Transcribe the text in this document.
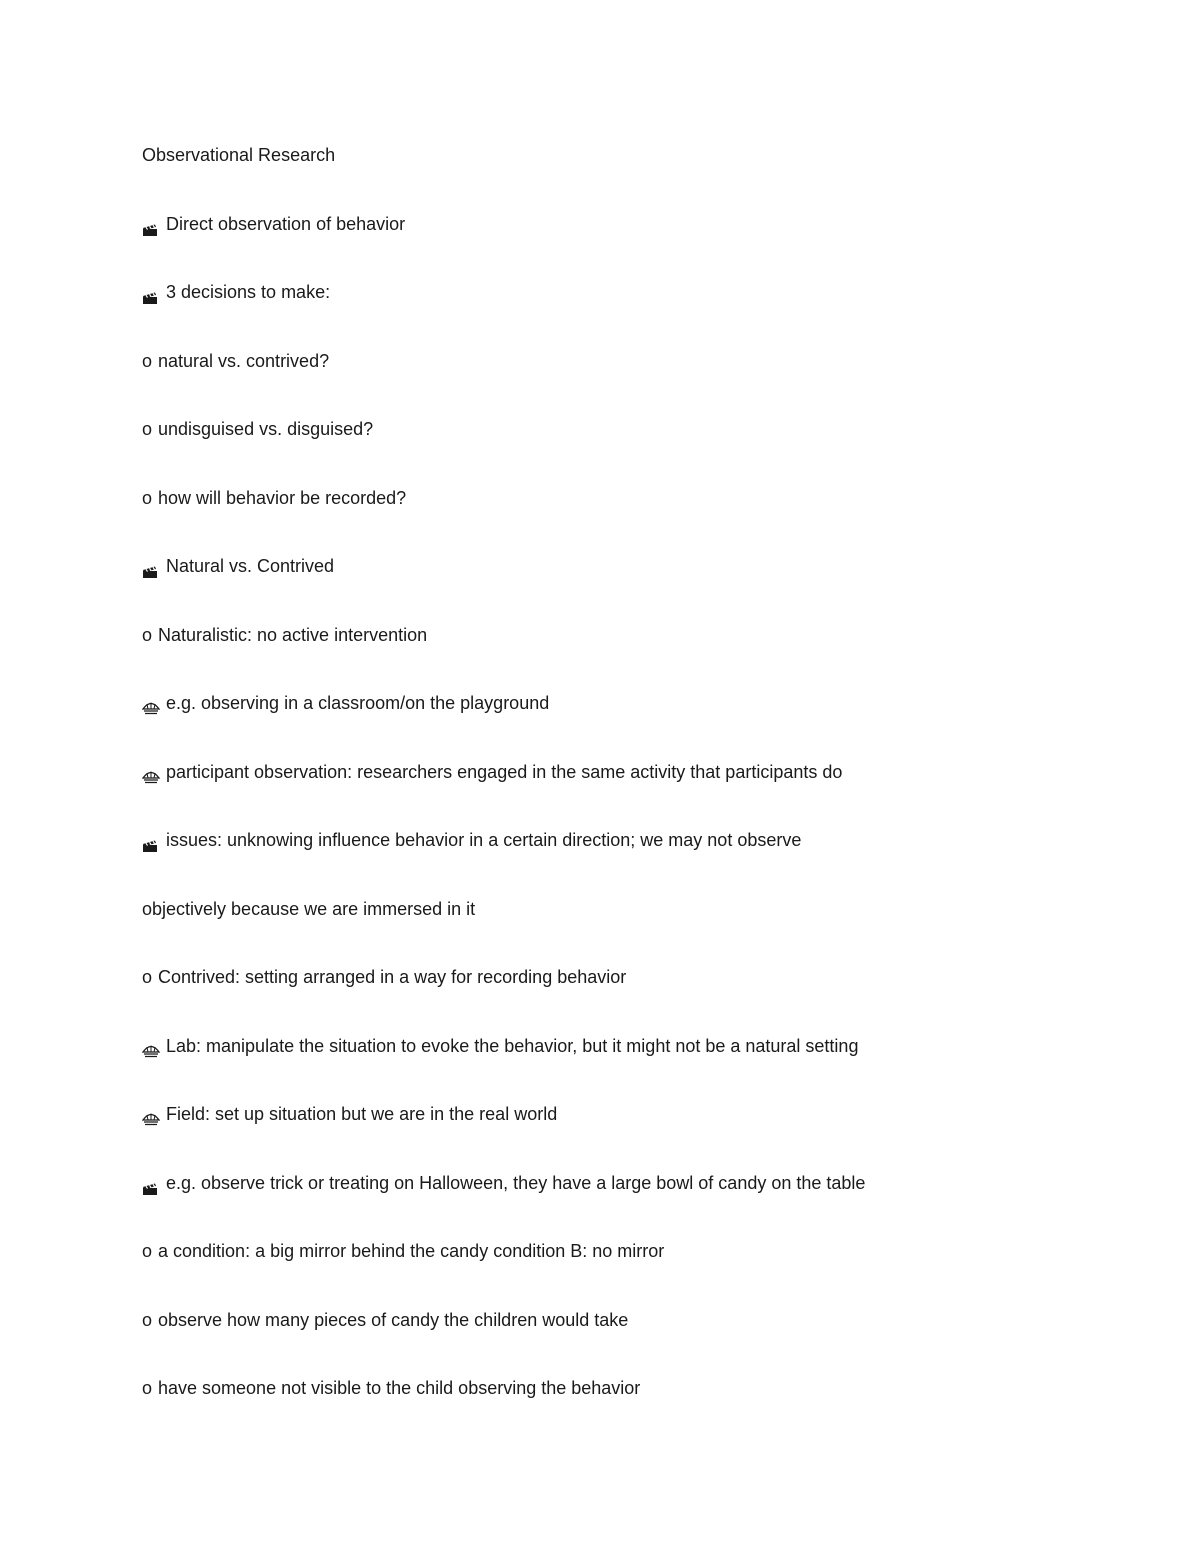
Observational Research
Direct observation of behavior
3 decisions to make:
o natural vs. contrived?
o undisguised vs. disguised?
o how will behavior be recorded?
Natural vs. Contrived
o Naturalistic: no active intervention
e.g. observing in a classroom/on the playground
participant observation: researchers engaged in the same activity that participants do
issues: unknowing influence behavior in a certain direction; we may not observe
objectively because we are immersed in it
o Contrived: setting arranged in a way for recording behavior
Lab: manipulate the situation to evoke the behavior, but it might not be a natural setting
Field: set up situation but we are in the real world
e.g. observe trick or treating on Halloween, they have a large bowl of candy on the table
o a condition: a big mirror behind the candy condition B: no mirror
o observe how many pieces of candy the children would take
o have someone not visible to the child observing the behavior
